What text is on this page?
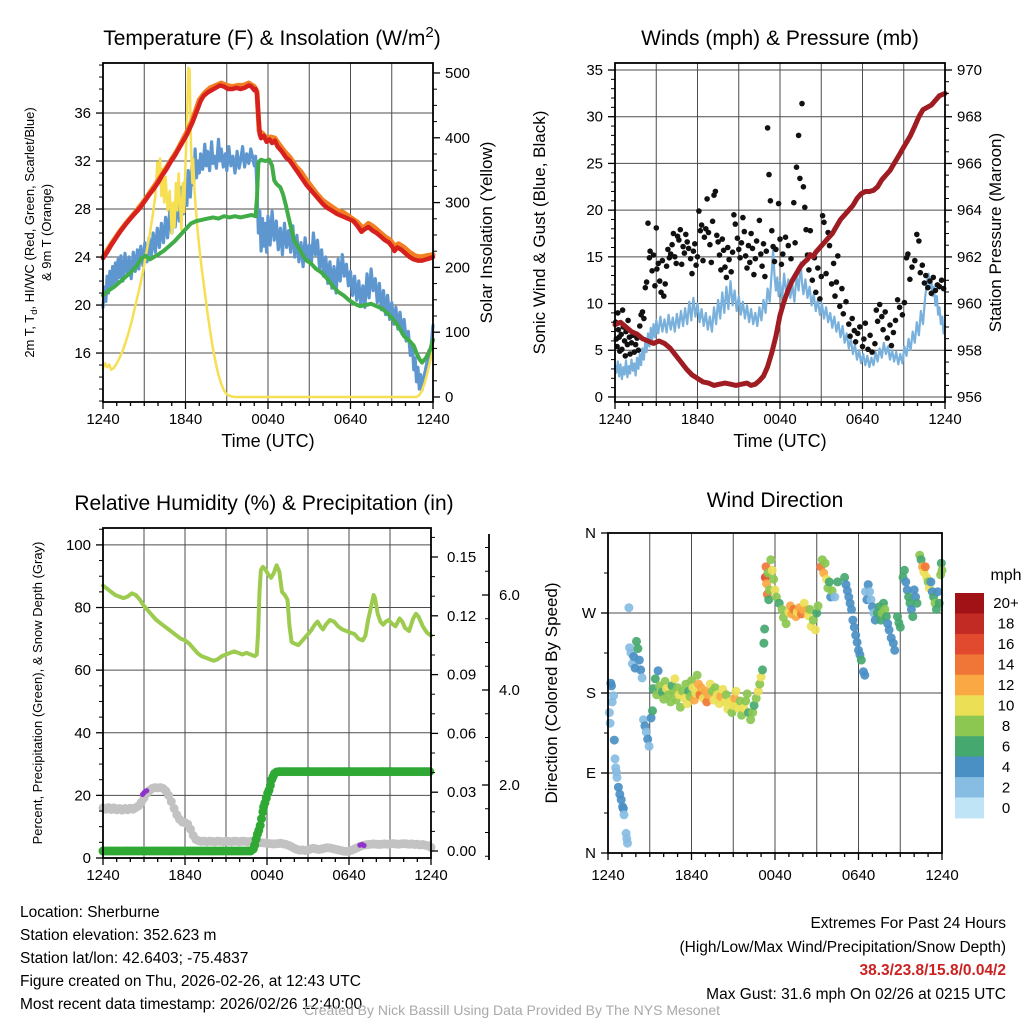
1240	1840	0040	0640	1240
16
20
24
28
32
36
0
100
200
300
400
500
Temperature (F) & Insolation $(W/m^2)$
Time (UTC)
2m T, $T_d$, HI/WC (Red, Green, Scarlet/Blue) & 9m T (Orange)	Solar Insolation (Yellow)
1240	1840	0040	0640	1240
0
5
10
15
20
25
30
35
956
958
960
962
964
966
968
970
Winds (mph) & Pressure (mb)
Time (UTC)
Sonic Wind & Gust (Blue, Black)	Station Pressure (Maroon)
1240	1840	0040	0640	1240
0
20
40
60
80
100
0.00
0.03
0.06
0.09
0.12
0.15
2.0
4.0
6.0
Relative Humidity (%) & Precipitation (in)
Percent, Precipitation (Green), & Snow Depth (Gray)
1240	1840	0040	0640	1240
N
E
S
W
N
Wind Direction
Direction (Colored By Speed)	20+
18
16
14
12
10
8
6
4
2
0
mph
Location: Sherburne
Station elevation: 352.623 m
Station lat/lon: 42.6403; -75.4837
Figure created on Thu, 2026-02-26, at 12:43 UTC
Most recent data timestamp: 2026/02/26 12:40:00
Extremes For Past 24 Hours
(High/Low/Max Wind/Precipitation/Snow Depth)
38.3/23.8/15.8/0.04/2
Max Gust: 31.6 mph On 02/26 at 0215 UTC
Created By Nick Bassill Using Data Provided By The NYS Mesonet
